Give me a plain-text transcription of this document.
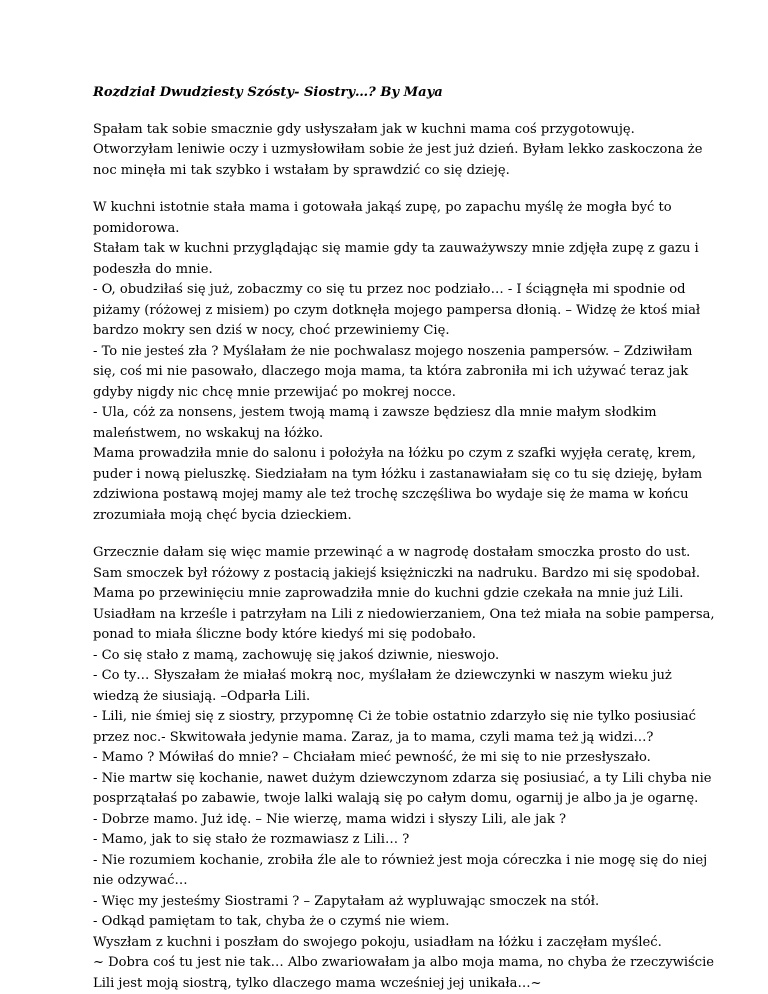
Rozdział Dwudziesty Szósty- Siostry…? By Maya
Spałam tak sobie smacznie gdy usłyszałam jak w kuchni mama coś przygotowuję.
Otworzyłam leniwie oczy i uzmysłowiłam sobie że jest już dzień. Byłam lekko zaskoczona że
noc minęła mi tak szybko i wstałam by sprawdzić co się dzieję.
W kuchni istotnie stała mama i gotowała jakąś zupę, po zapachu myślę że mogła być to
pomidorowa.
Stałam tak w kuchni przyglądając się mamie gdy ta zauważywszy mnie zdjęła zupę z gazu i
podeszła do mnie.
- O, obudziłaś się już, zobaczmy co się tu przez noc podziało… - I ściągnęła mi spodnie od
piżamy (różowej z misiem) po czym dotknęła mojego pampersa dłonią. – Widzę że ktoś miał
bardzo mokry sen dziś w nocy, choć przewiniemy Cię.
- To nie jesteś zła ? Myślałam że nie pochwalasz mojego noszenia pampersów. – Zdziwiłam
się, coś mi nie pasowało, dlaczego moja mama, ta która zabroniła mi ich używać teraz jak
gdyby nigdy nic chcę mnie przewijać po mokrej nocce.
- Ula, cóż za nonsens, jestem twoją mamą i zawsze będziesz dla mnie małym słodkim
maleństwem, no wskakuj na łóżko.
Mama prowadziła mnie do salonu i położyła na łóżku po czym z szafki wyjęła ceratę, krem,
puder i nową pieluszkę. Siedziałam na tym łóżku i zastanawiałam się co tu się dzieję, byłam
zdziwiona postawą mojej mamy ale też trochę szczęśliwa bo wydaje się że mama w końcu
zrozumiała moją chęć bycia dzieckiem.
Grzecznie dałam się więc mamie przewinąć a w nagrodę dostałam smoczka prosto do ust.
Sam smoczek był różowy z postacią jakiejś księżniczki na nadruku. Bardzo mi się spodobał.
Mama po przewinięciu mnie zaprowadziła mnie do kuchni gdzie czekała na mnie już Lili.
Usiadłam na krześle i patrzyłam na Lili z niedowierzaniem, Ona też miała na sobie pampersa,
ponad to miała śliczne body które kiedyś mi się podobało.
- Co się stało z mamą, zachowuję się jakoś dziwnie, nieswojo.
- Co ty… Słyszałam że miałaś mokrą noc, myślałam że dziewczynki w naszym wieku już
wiedzą że siusiają. –Odparła Lili.
- Lili, nie śmiej się z siostry, przypomnę Ci że tobie ostatnio zdarzyło się nie tylko posiusiać
przez noc.- Skwitowała jedynie mama. Zaraz, ja to mama, czyli mama też ją widzi…?
- Mamo ? Mówiłaś do mnie? – Chciałam mieć pewność, że mi się to nie przesłyszało.
- Nie martw się kochanie, nawet dużym dziewczynom zdarza się posiusiać, a ty Lili chyba nie
posprzątałaś po zabawie, twoje lalki walają się po całym domu, ogarnij je albo ja je ogarnę.
- Dobrze mamo. Już idę. – Nie wierzę, mama widzi i słyszy Lili, ale jak ?
- Mamo, jak to się stało że rozmawiasz z Lili… ?
- Nie rozumiem kochanie, zrobiła źle ale to również jest moja córeczka i nie mogę się do niej
nie odzywać…
- Więc my jesteśmy Siostrami ? – Zapytałam aż wypluwając smoczek na stół.
- Odkąd pamiętam to tak, chyba że o czymś nie wiem.
Wyszłam z kuchni i poszłam do swojego pokoju, usiadłam na łóżku i zaczęłam myśleć.
~ Dobra coś tu jest nie tak… Albo zwariowałam ja albo moja mama, no chyba że rzeczywiście
Lili jest moją siostrą, tylko dlaczego mama wcześniej jej unikała…~
